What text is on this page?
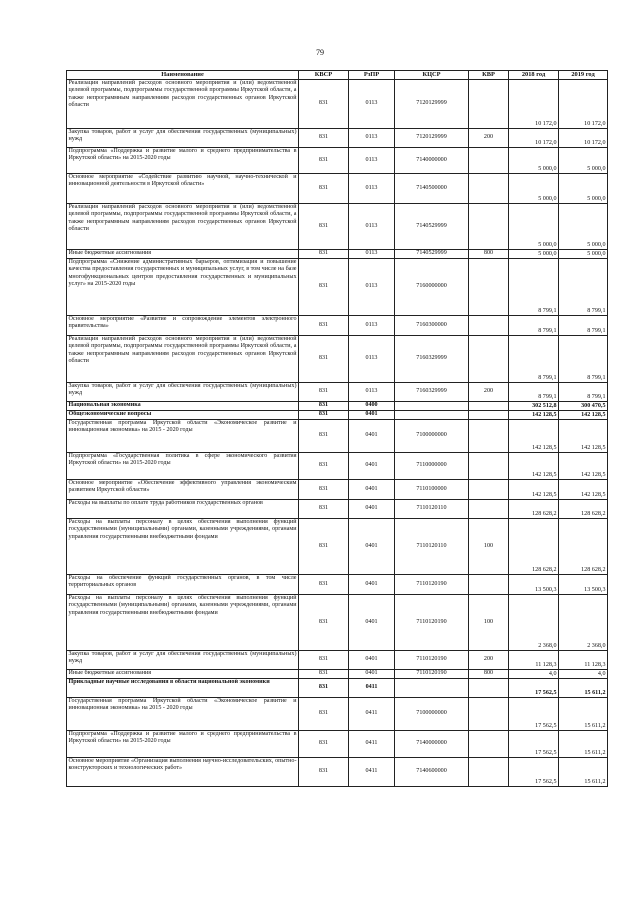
79
Наименование	КВСР	РзПР	КЦСР	КВР	2018 год	2019 год
Реализация направлений расходов основного мероприятия и (или) ведомственной целевой программы, подпрограммы государственной программы Иркутской области, а также непрограммным направлениям расходов государственных органов Иркутской области	831	0113	7120129999		10 172,0	10 172,0
Закупка товаров, работ и услуг для обеспечения государственных (муниципальных) нужд	831	0113	7120129999	200	10 172,0	10 172,0
Подпрограмма «Поддержка и развитие малого и среднего предпринимательства в Иркутской области» на 2015-2020 годы	831	0113	7140000000		5 000,0	5 000,0
Основное мероприятие «Содействие развитию научной, научно-технической и инновационной деятельности в Иркутской области»	831	0113	7140500000		5 000,0	5 000,0
Реализация направлений расходов основного мероприятия и (или) ведомственной целевой программы, подпрограммы государственной программы Иркутской области, а также непрограммным направлениям расходов государственных органов Иркутской области	831	0113	7140529999		5 000,0	5 000,0
Иные бюджетные ассигнования	831	0113	7140529999	800	5 000,0	5 000,0
Подпрограмма «Снижение административных барьеров, оптимизация и повышение качества предоставления государственных и муниципальных услуг, в том числе на базе многофункциональных центров предоставления государственных и муниципальных услуг» на 2015-2020 годы	831	0113	7160000000		8 799,1	8 799,1
Основное мероприятие «Развитие и сопровождение элементов электронного правительства»	831	0113	7160300000		8 799,1	8 799,1
Реализация направлений расходов основного мероприятия и (или) ведомственной целевой программы, подпрограммы государственной программы Иркутской области, а также непрограммным направлениям расходов государственных органов Иркутской области	831	0113	7160329999		8 799,1	8 799,1
Закупка товаров, работ и услуг для обеспечения государственных (муниципальных) нужд	831	0113	7160329999	200	8 799,1	8 799,1
Национальная экономика	831	0400			302 512,8	300 470,5
Общеэкономические вопросы	831	0401			142 128,5	142 128,5
Государственная программа Иркутской области «Экономическое развитие и инновационная экономика» на 2015 - 2020 годы	831	0401	7100000000		142 128,5	142 128,5
Подпрограмма «Государственная политика в сфере экономического развития Иркутской области» на 2015-2020 годы	831	0401	7110000000		142 128,5	142 128,5
Основное мероприятие «Обеспечение эффективного управления экономическим развитием Иркутской области»	831	0401	7110100000		142 128,5	142 128,5
Расходы на выплаты по оплате труда работников государственных органов	831	0401	7110120110		128 628,2	128 628,2
Расходы на выплаты персоналу в целях обеспечения выполнения функций государственными (муниципальными) органами, казенными учреждениями, органами управления государственными внебюджетными фондами	831	0401	7110120110	100	128 628,2	128 628,2
Расходы на обеспечение функций государственных органов, в том числе территориальных органов	831	0401	7110120190		13 500,3	13 500,3
Расходы на выплаты персоналу в целях обеспечения выполнения функций государственными (муниципальными) органами, казенными учреждениями, органами управления государственными внебюджетными фондами	831	0401	7110120190	100	2 368,0	2 368,0
Закупка товаров, работ и услуг для обеспечения государственных (муниципальных) нужд	831	0401	7110120190	200	11 128,3	11 128,3
Иные бюджетные ассигнования	831	0401	7110120190	800	4,0	4,0
Прикладные научные исследования в области национальной экономики	831	0411			17 562,5	15 611,2
Государственная программа Иркутской области «Экономическое развитие и инновационная экономика» на 2015 - 2020 годы	831	0411	7100000000		17 562,5	15 611,2
Подпрограмма «Поддержка и развитие малого и среднего предпринимательства в Иркутской области» на 2015-2020 годы	831	0411	7140000000		17 562,5	15 611,2
Основное мероприятие «Организация выполнения научно-исследовательских, опытно-конструкторских и технологических работ»	831	0411	7140600000		17 562,5	15 611,2
